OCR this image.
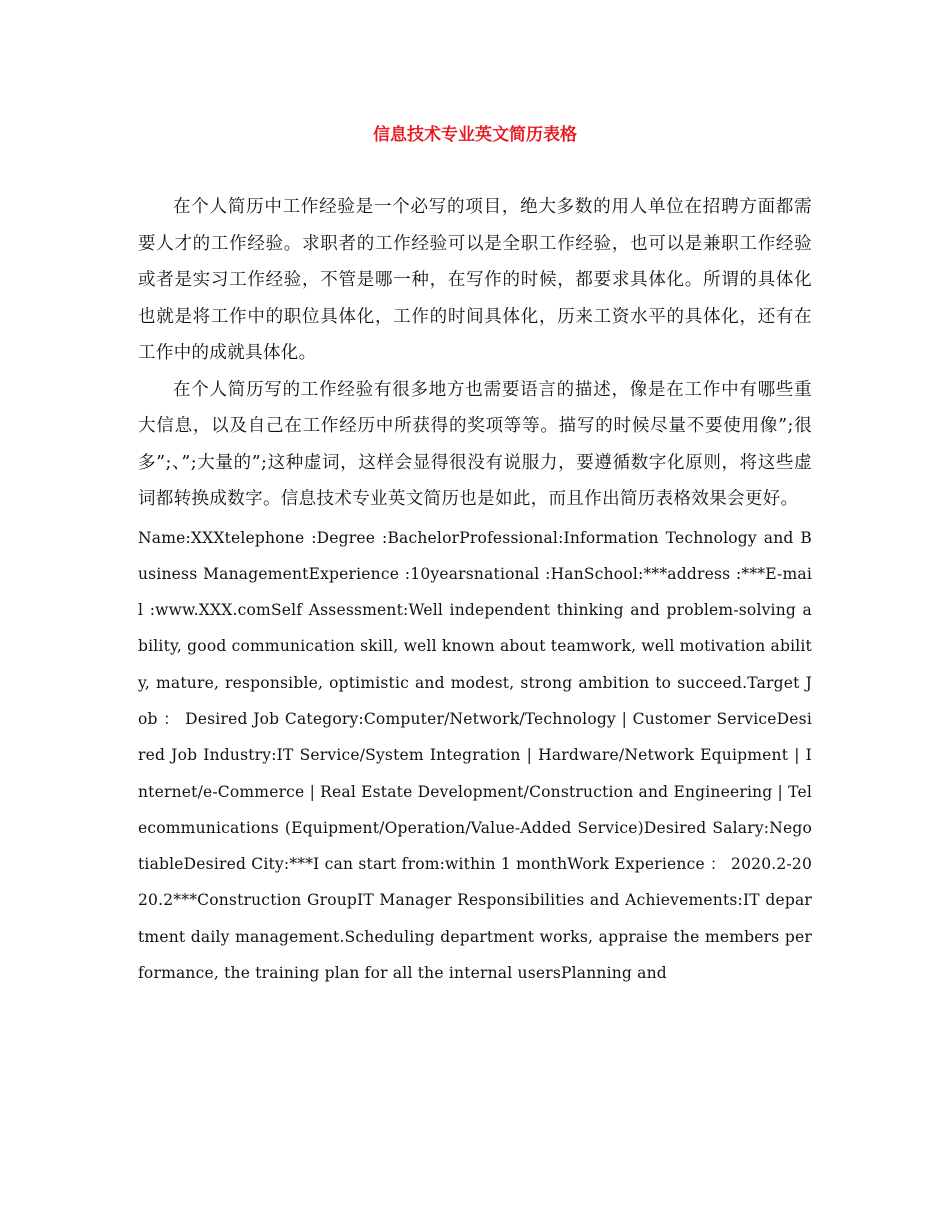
信息技术专业英文简历表格

在个人简历中工作经验是一个必写的项目，绝大多数的用人单位在招聘方面都需要人才的工作经验。求职者的工作经验可以是全职工作经验，也可以是兼职工作经验或者是实习工作经验，不管是哪一种，在写作的时候，都要求具体化。所谓的具体化也就是将工作中的职位具体化，工作的时间具体化，历来工资水平的具体化，还有在工作中的成就具体化。

在个人简历写的工作经验有很多地方也需要语言的描述，像是在工作中有哪些重大信息，以及自己在工作经历中所获得的奖项等等。描写的时候尽量不要使用像”;很多”;、”;大量的”;这种虚词，这样会显得很没有说服力，要遵循数字化原则，将这些虚词都转换成数字。信息技术专业英文简历也是如此，而且作出简历表格效果会更好。

Name:XXXtelephone :Degree :BachelorProfessional:Information Technology and Business ManagementExperience :10yearsnational :HanSchool:***address :***E-mail :www.XXX.comSelf Assessment:Well independent thinking and problem-solving ability, good communication skill, well known about teamwork, well motivation ability, mature, responsible, optimistic and modest, strong ambition to succeed.Target Job ： Desired Job Category:Computer/Network/Technology | Customer ServiceDesired Job Industry:IT Service/System Integration | Hardware/Network Equipment | Internet/e-Commerce | Real Estate Development/Construction and Engineering | Telecommunications (Equipment/Operation/Value-Added Service)Desired Salary:NegotiableDesired City:***I can start from:within 1 monthWork Experience ： 2020.2-2020.2***Construction GroupIT Manager Responsibilities and Achievements:IT department daily management.Scheduling department works, appraise the members performance, the training plan for all the internal usersPlanning and
